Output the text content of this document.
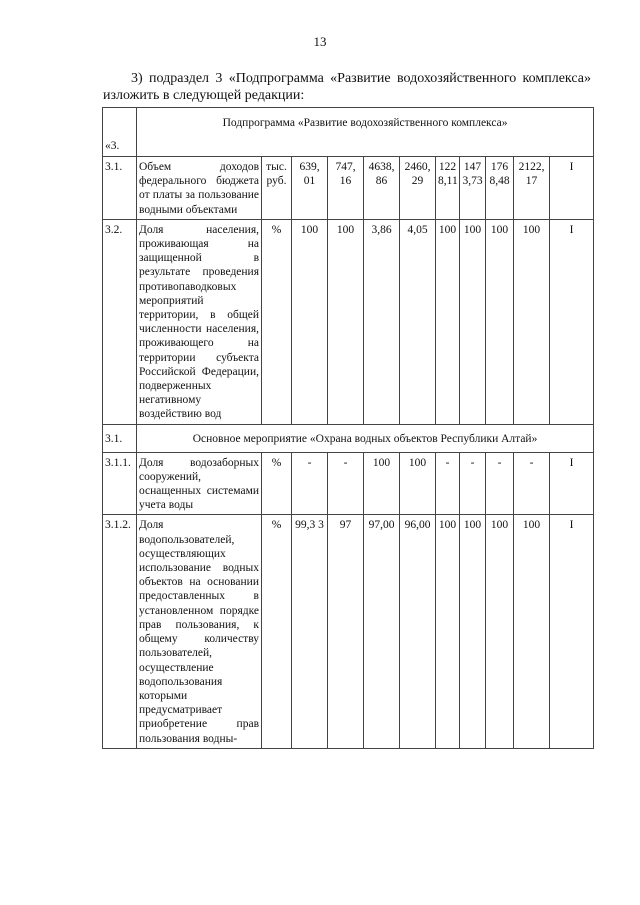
13
3) подраздел 3 «Подпрограмма «Развитие водохозяйственного комплекса» изложить в следующей редакции:
«3.	Подпрограмма «Развитие водохозяйственного комплекса»										
3.1.	Объем доходов федерального бюджета от платы за пользование водными объектами	тыс. руб.	639, 01	747, 16	4638, 86	2460, 29	122 8,11	147 3,73	176 8,48	2122, 17	I
3.2.	Доля населения, проживающая на защищенной в результате проведения противопаводковых мероприятий территории, в общей численности населения, проживающего на территории субъекта Российской Федерации, подверженных негативному воздействию вод	%	100	100	3,86	4,05	100	100	100	100	I
3.1.	Основное мероприятие «Охрана водных объектов Республики Алтай»										
3.1.1.	Доля водозаборных сооружений, оснащенных системами учета воды	%	-	-	100	100	-	-	-	-	I
3.1.2.	Доля водопользователей, осуществляющих использование водных объектов на основании предоставленных в установленном порядке прав пользования, к общему количеству пользователей, осуществление водопользования которыми предусматривает приобретение прав пользования водны-	%	99,3 3	97	97,00	96,00	100	100	100	100	I
